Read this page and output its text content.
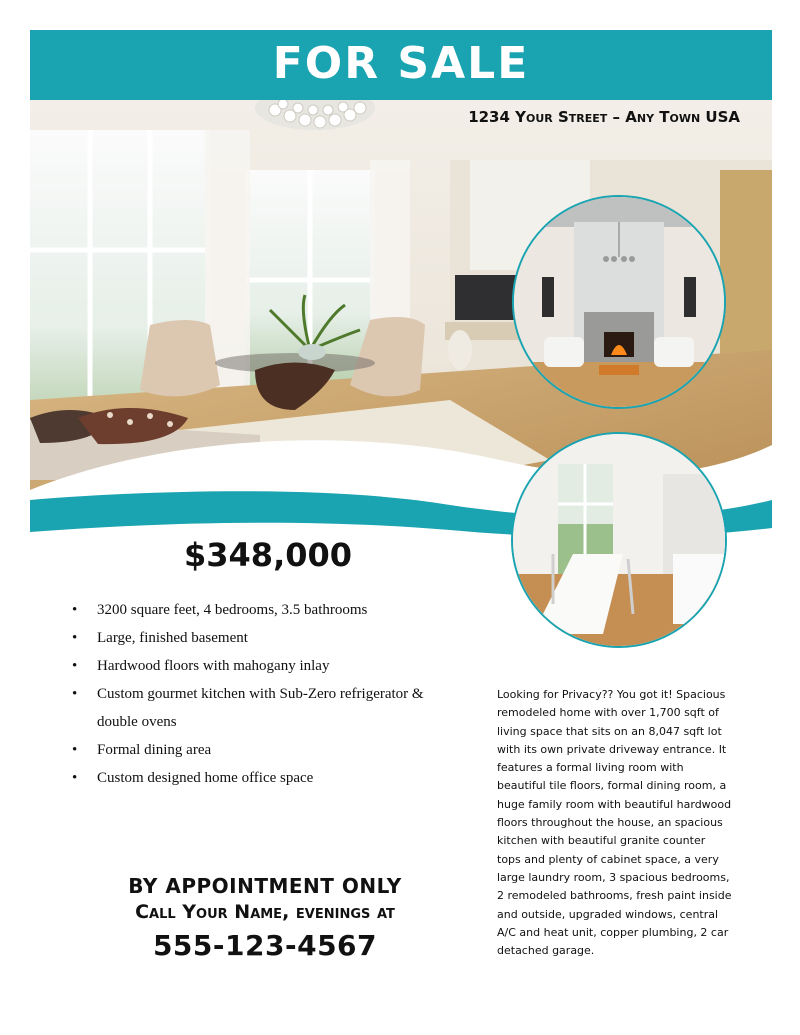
FOR SALE
1234 Your Street – Any Town USA
$348,000
• 3200 square feet, 4 bedrooms, 3.5 bathrooms
• Large, finished basement
• Hardwood floors with mahogany inlay
• Custom gourmet kitchen with Sub-Zero refrigerator & double ovens
• Formal dining area
• Custom designed home office space
Looking for Privacy?? You got it! Spacious remodeled home with over 1,700 sqft of living space that sits on an 8,047 sqft lot with its own private driveway entrance. It features a formal living room with beautiful tile floors, formal dining room, a huge family room with beautiful hardwood floors throughout the house, an spacious kitchen with beautiful granite counter tops and plenty of cabinet space, a very large laundry room, 3 spacious bedrooms, 2 remodeled bathrooms, fresh paint inside and outside, upgraded windows, central A/C and heat unit, copper plumbing, 2 car detached garage.
BY APPOINTMENT ONLY
Call Your Name, evenings at
555-123-4567
